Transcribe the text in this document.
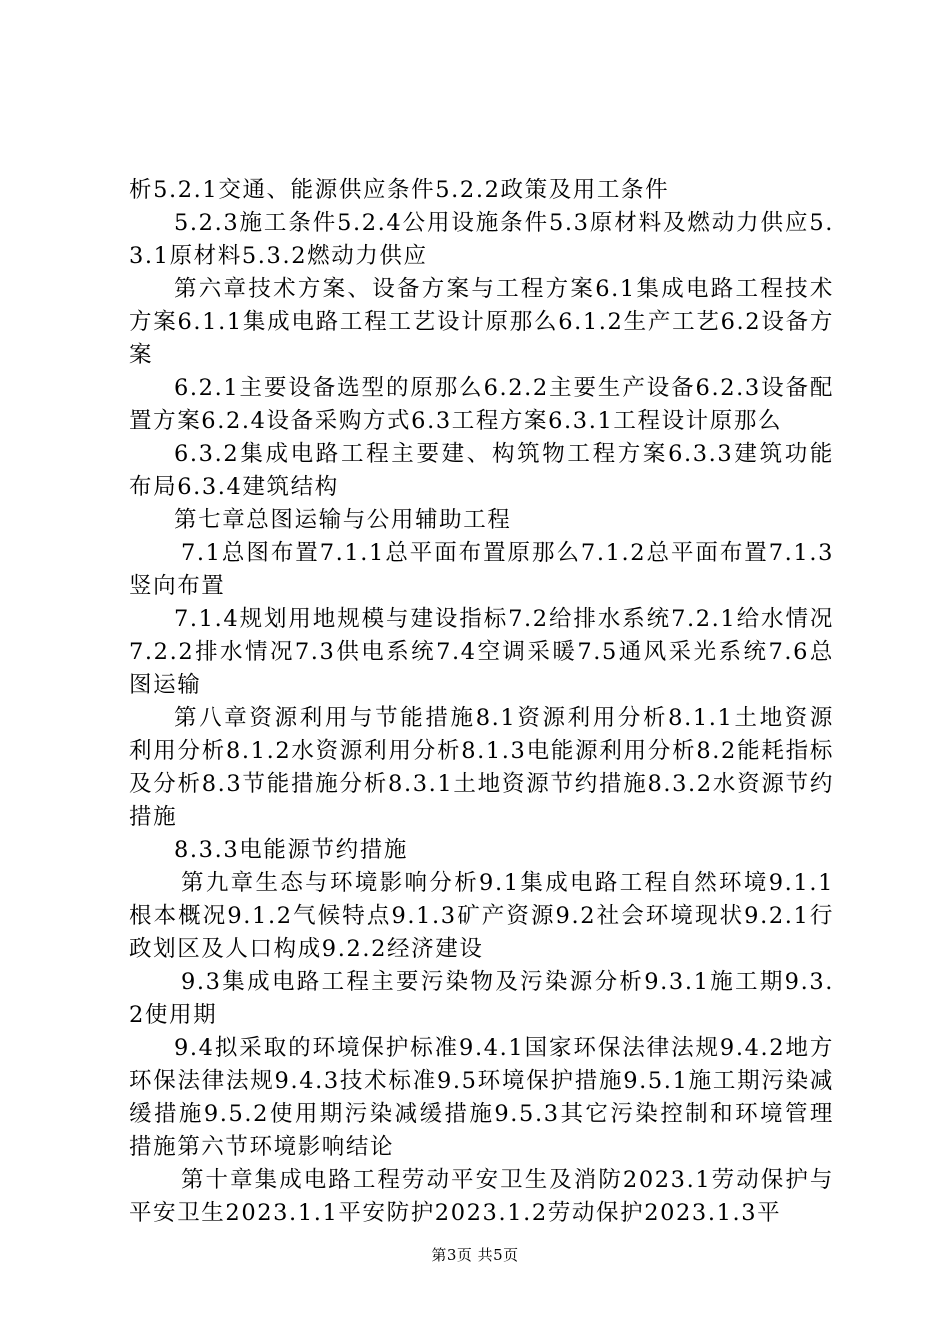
析5.2.1交通、能源供应条件5.2.2政策及用工条件

5.2.3施工条件5.2.4公用设施条件5.3原材料及燃动力供应5.3.1原材料5.3.2燃动力供应

第六章技术方案、设备方案与工程方案6.1集成电路工程技术方案6.1.1集成电路工程工艺设计原那么6.1.2生产工艺6.2设备方案

6.2.1主要设备选型的原那么6.2.2主要生产设备6.2.3设备配置方案6.2.4设备采购方式6.3工程方案6.3.1工程设计原那么

6.3.2集成电路工程主要建、构筑物工程方案6.3.3建筑功能布局6.3.4建筑结构

第七章总图运输与公用辅助工程

7.1总图布置7.1.1总平面布置原那么7.1.2总平面布置7.1.3竖向布置

7.1.4规划用地规模与建设指标7.2给排水系统7.2.1给水情况7.2.2排水情况7.3供电系统7.4空调采暖7.5通风采光系统7.6总图运输

第八章资源利用与节能措施8.1资源利用分析8.1.1土地资源利用分析8.1.2水资源利用分析8.1.3电能源利用分析8.2能耗指标及分析8.3节能措施分析8.3.1土地资源节约措施8.3.2水资源节约措施

8.3.3电能源节约措施

第九章生态与环境影响分析9.1集成电路工程自然环境9.1.1根本概况9.1.2气候特点9.1.3矿产资源9.2社会环境现状9.2.1行政划区及人口构成9.2.2经济建设

9.3集成电路工程主要污染物及污染源分析9.3.1施工期9.3.2使用期

9.4拟采取的环境保护标准9.4.1国家环保法律法规9.4.2地方环保法律法规9.4.3技术标准9.5环境保护措施9.5.1施工期污染减缓措施9.5.2使用期污染减缓措施9.5.3其它污染控制和环境管理措施第六节环境影响结论

第十章集成电路工程劳动平安卫生及消防2023.1劳动保护与平安卫生2023.1.1平安防护2023.1.2劳动保护2023.1.3平

第3页 共5页
